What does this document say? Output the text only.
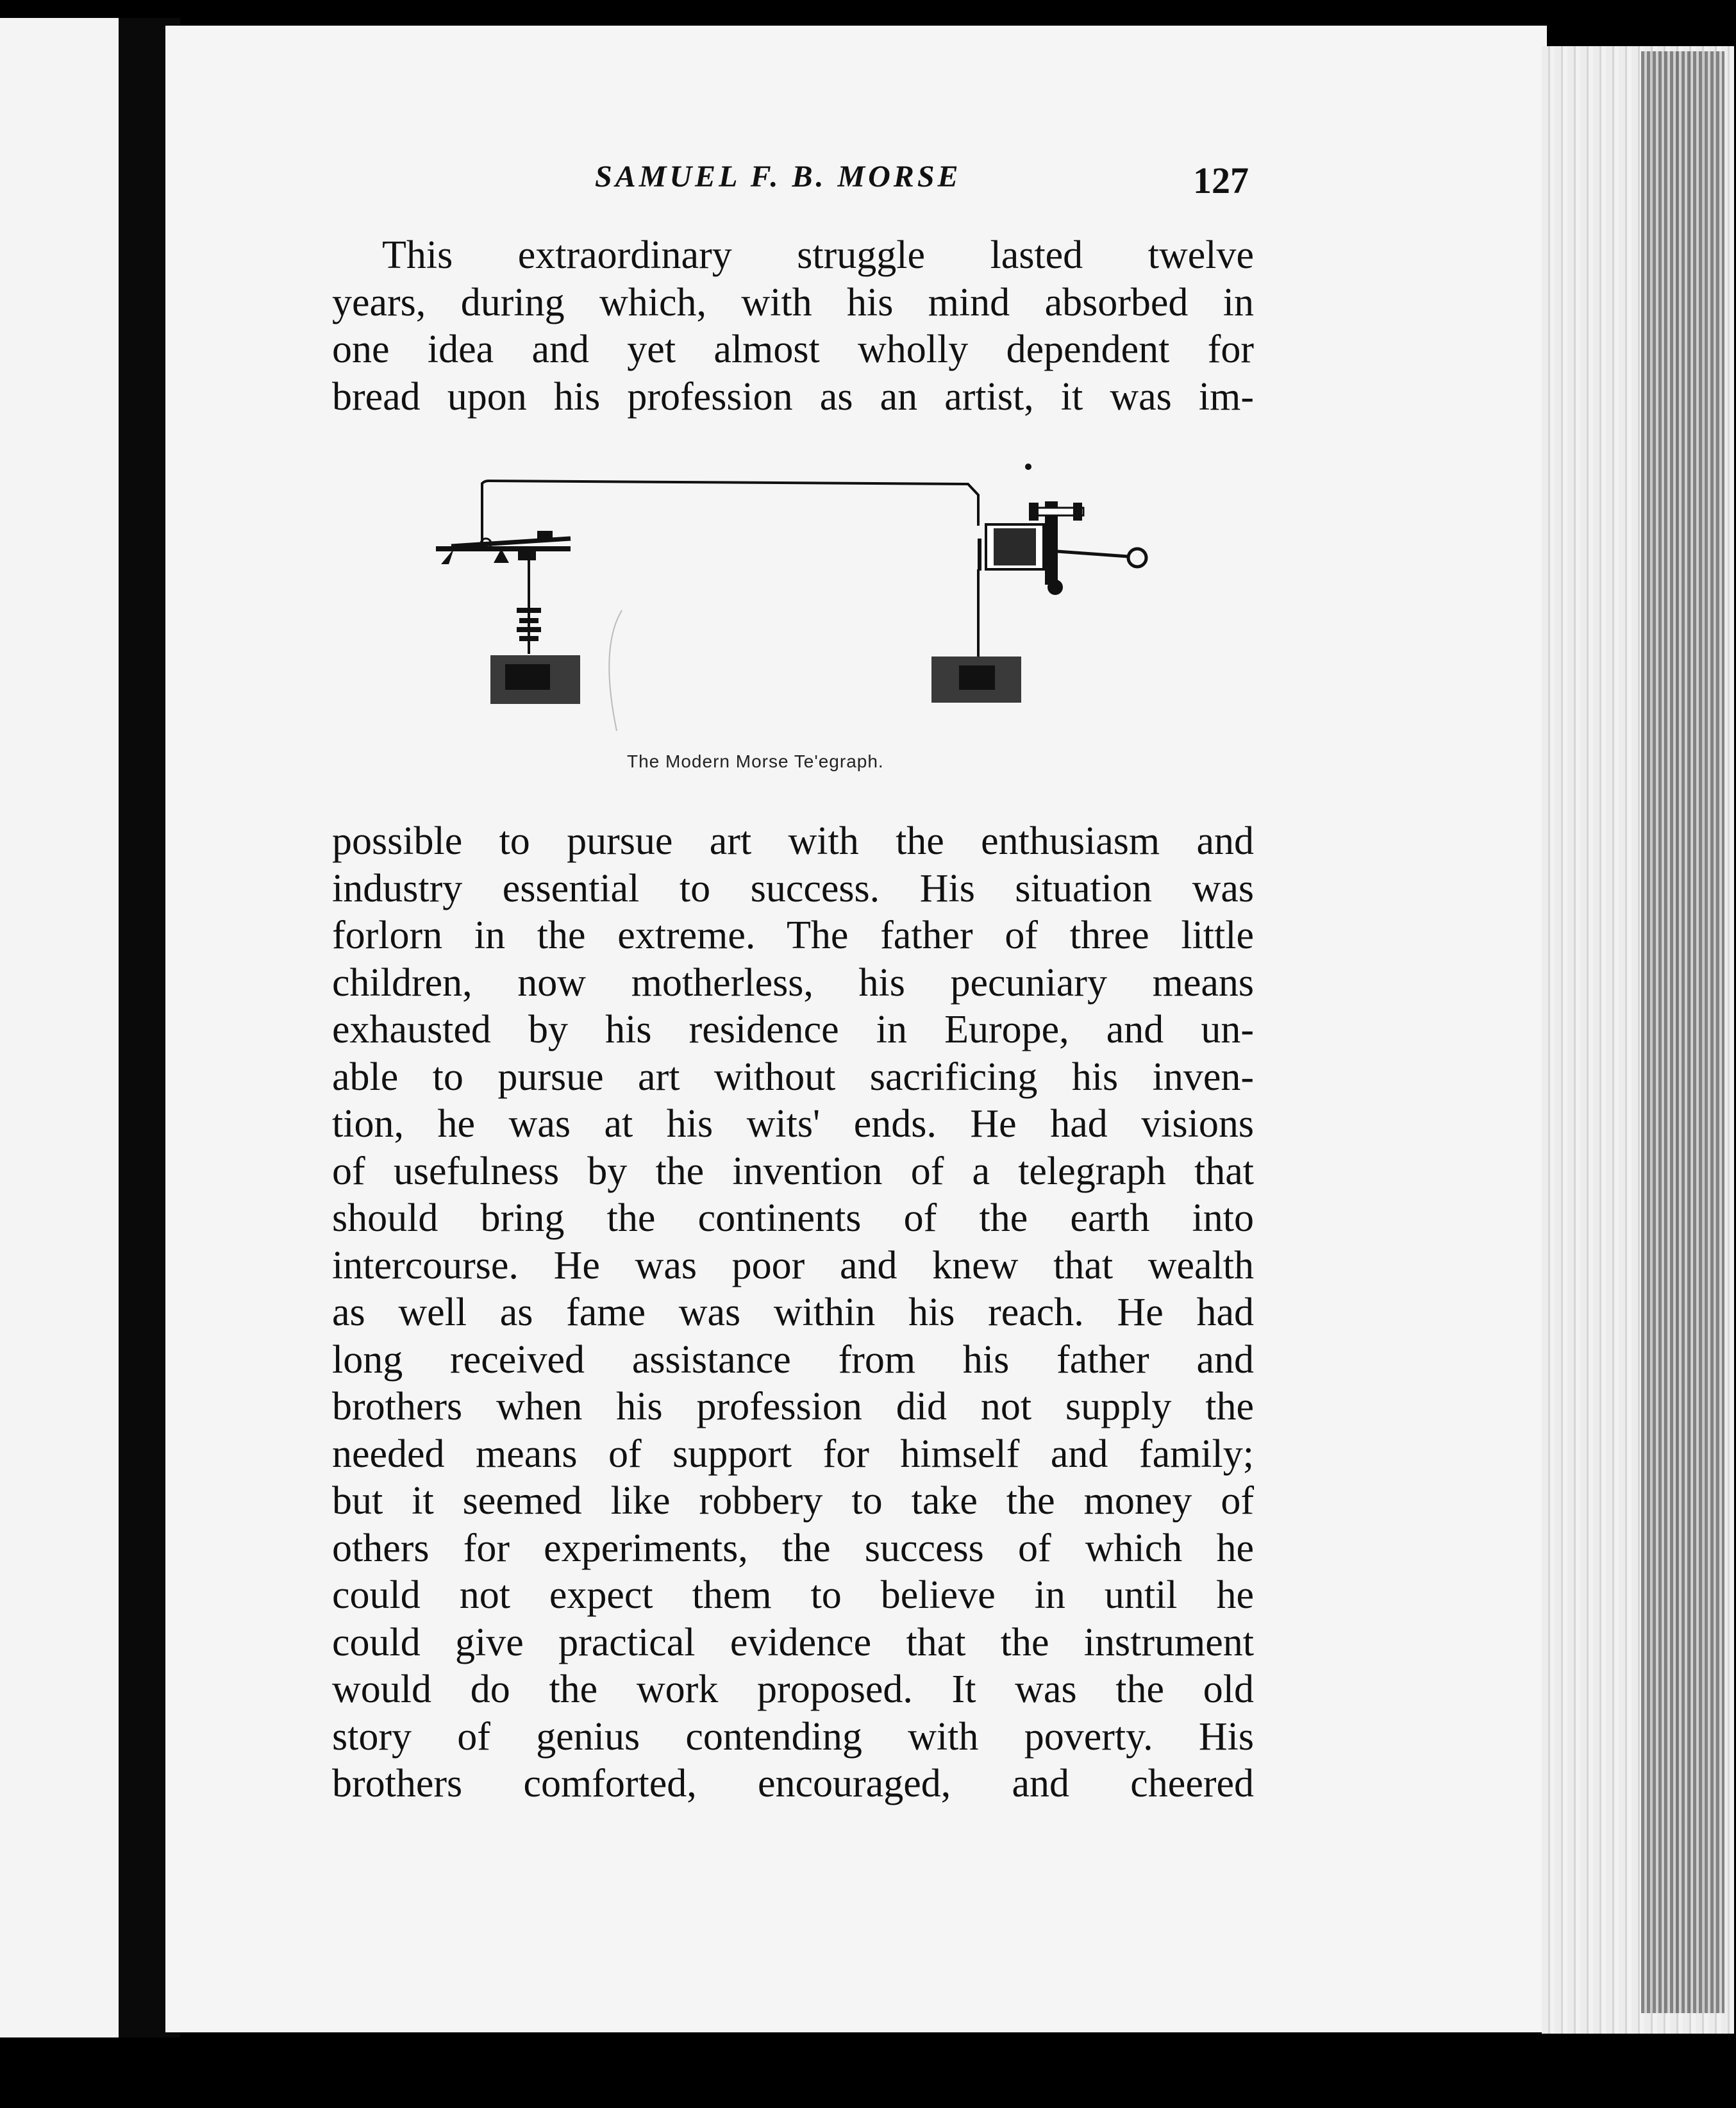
SAMUEL F. B. MORSE	127
This extraordinary struggle lasted twelve
years, during which, with his mind absorbed in
one idea and yet almost wholly dependent for
bread upon his profession as an artist, it was im-
The Modern Morse Te'egraph.
possible to pursue art with the enthusiasm and
industry essential to success. His situation was
forlorn in the extreme. The father of three little
children, now motherless, his pecuniary means
exhausted by his residence in Europe, and un-
able to pursue art without sacrificing his inven-
tion, he was at his wits' ends. He had visions
of usefulness by the invention of a telegraph that
should bring the continents of the earth into
intercourse. He was poor and knew that wealth
as well as fame was within his reach. He had
long received assistance from his father and
brothers when his profession did not supply the
needed means of support for himself and family;
but it seemed like robbery to take the money of
others for experiments, the success of which he
could not expect them to believe in until he
could give practical evidence that the instrument
would do the work proposed. It was the old
story of genius contending with poverty. His
brothers comforted, encouraged, and cheered
